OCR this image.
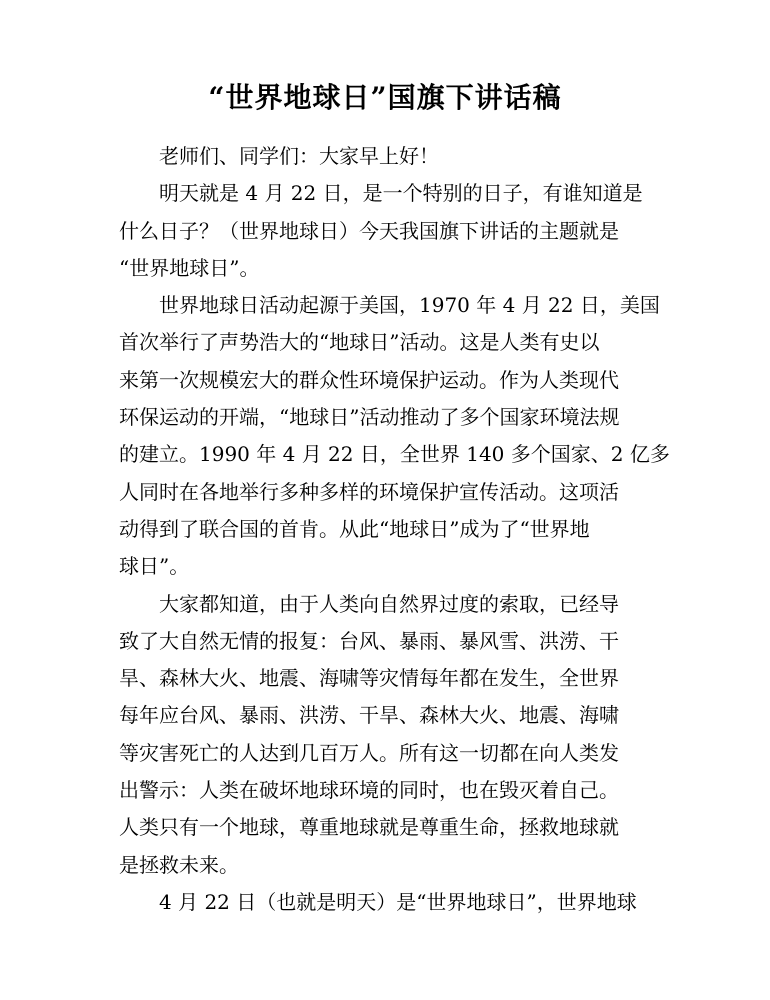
“世界地球日”国旗下讲话稿
老师们、同学们：大家早上好！
明天就是 4 月 22 日，是一个特别的日子，有谁知道是
什么日子？（世界地球日）今天我国旗下讲话的主题就是
“世界地球日”。
世界地球日活动起源于美国，1970 年 4 月 22 日，美国
首次举行了声势浩大的“地球日”活动。这是人类有史以
来第一次规模宏大的群众性环境保护运动。作为人类现代
环保运动的开端，“地球日”活动推动了多个国家环境法规
的建立。1990 年 4 月 22 日，全世界 140 多个国家、2 亿多
人同时在各地举行多种多样的环境保护宣传活动。这项活
动得到了联合国的首肯。从此“地球日”成为了“世界地
球日”。
大家都知道，由于人类向自然界过度的索取，已经导
致了大自然无情的报复：台风、暴雨、暴风雪、洪涝、干
旱、森林大火、地震、海啸等灾情每年都在发生，全世界
每年应台风、暴雨、洪涝、干旱、森林大火、地震、海啸
等灾害死亡的人达到几百万人。所有这一切都在向人类发
出警示：人类在破坏地球环境的同时，也在毁灭着自己。
人类只有一个地球，尊重地球就是尊重生命，拯救地球就
是拯救未来。
4 月 22 日（也就是明天）是“世界地球日”，世界地球
